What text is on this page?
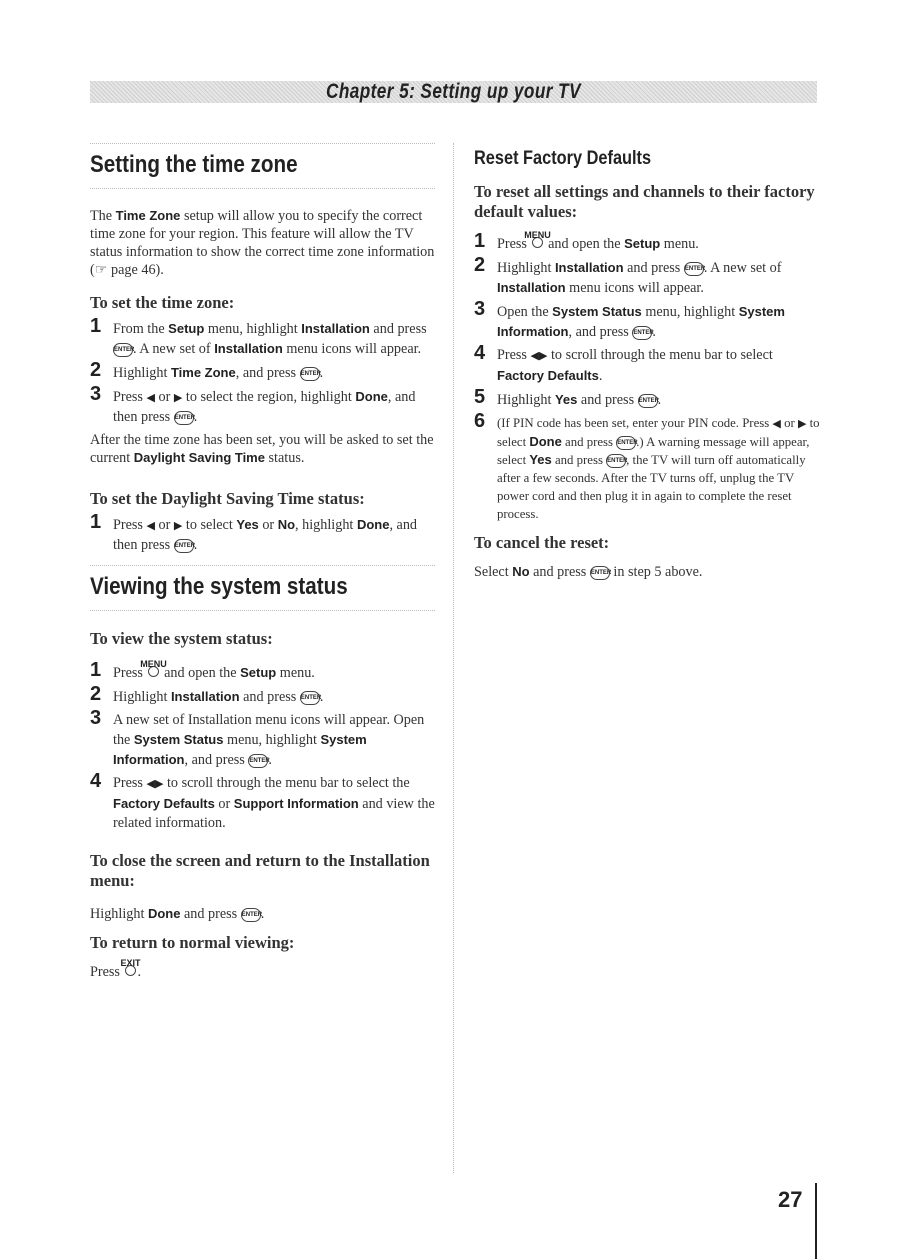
Chapter 5: Setting up your TV
Setting the time zone

The Time Zone setup will allow you to specify the correct time zone for your region. This feature will allow the TV status information to show the correct time zone information (☞ page 46).

To set the time zone:
1 From the Setup menu, highlight Installation and press ENTER. A new set of Installation menu icons will appear.
2 Highlight Time Zone, and press ENTER.
3 Press ◀ or ▶ to select the region, highlight Done, and then press ENTER.

After the time zone has been set, you will be asked to set the current Daylight Saving Time status.

To set the Daylight Saving Time status:
1 Press ◀ or ▶ to select Yes or No, highlight Done, and then press ENTER.
Viewing the system status
To view the system status:
1 Press
MENU
and open the Setup menu.
2 Highlight Installation and press ENTER.
3 A new set of Installation menu icons will appear. Open the System Status menu, highlight System Information, and press ENTER.
4 Press ◀▶ to scroll through the menu bar to select the Factory Defaults or Support Information and view the related information.
To close the screen and return to the Installation menu:

Highlight Done and press ENTER.

To return to normal viewing:

Press
EXIT
.

Reset Factory Defaults
To reset all settings and channels to their factory default values:
1 Press
MENU
and open the Setup menu.
2 Highlight Installation and press ENTER. A new set of Installation menu icons will appear.
3 Open the System Status menu, highlight System Information, and press ENTER.
4 Press ◀▶ to scroll through the menu bar to select Factory Defaults.
5 Highlight Yes and press ENTER.
6 (If PIN code has been set, enter your PIN code. Press ◀ or ▶ to select Done and press ENTER.) A warning message will appear, select Yes and press ENTER, the TV will turn off automatically after a few seconds. After the TV turns off, unplug the TV power cord and then plug it in again to complete the reset process.
To cancel the reset:

Select No and press ENTER in step 5 above.

27
